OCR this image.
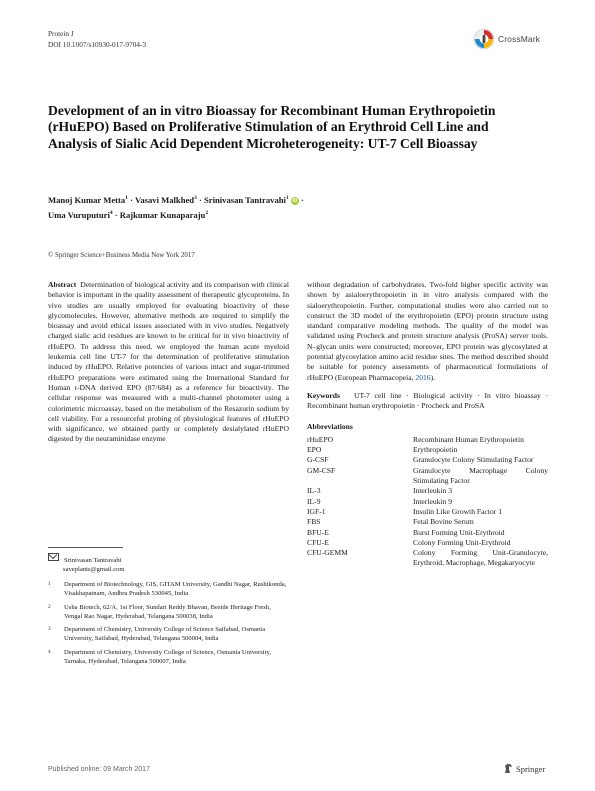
Protein J
DOI 10.1007/s10930-017-9704-3
CrossMark
Development of an in vitro Bioassay for Recombinant Human Erythropoietin (rHuEPO) Based on Proliferative Stimulation of an Erythroid Cell Line and Analysis of Sialic Acid Dependent Microheterogeneity: UT-7 Cell Bioassay
Manoj Kumar Metta$^1$ · Vasavi Malkhed$^3$ · Srinivasan Tantravahi$^1$ iD ·
Uma Vuruputuri$^4$ · Rajkumar Kunaparaju$^2$
© Springer Science+Business Media New York 2017

Abstract Determination of biological activity and its comparison with clinical behavior is important in the quality assessment of therapeutic glycoproteins. In vivo studies are usually employed for evaluating bioactivity of these glycomolecules. However, alternative methods are required to simplify the bioassay and avoid ethical issues associated with in vivo studies. Negatively charged sialic acid residues are known to be critical for in vivo bioactivity of rHuEPO. To address this need, we employed the human acute myeloid leukemia cell line UT-7 for the determination of proliferative stimulation induced by rHuEPO. Relative potencies of various intact and sugar-trimmed rHuEPO preparations were estimated using the International Standard for Human r-DNA derived EPO (87/684) as a reference for bioactivity. The cellular response was measured with a multi-channel photometer using a colorimetric microassay, based on the metabolism of the Resazurin sodium by cell viability. For a resourceful probing of physiological features of rHuEPO with significance, we obtained partly or completely desialylated rHuEPO digested by the neuraminidase enzyme

without degradation of carbohydrates. Two-fold higher specific activity was shown by asialoerythropoietin in in vitro analysis compared with the sialoerythropoietin. Further, computational studies were also carried out to construct the 3D model of the erythropoietin (EPO) protein structure using standard comparative modeling methods. The quality of the model was validated using Procheck and protein structure analysis (ProSA) server tools. N–glycan units were constructed; moreover, EPO protein was glycosylated at potential glycosylation amino acid residue sites. The method described should be suitable for potency assessments of pharmaceutical formulations of rHuEPO (European Pharmacopeia, 2016).

Keywords UT-7 cell line · Biological activity · In vitro bioassay · Recombinant human erythropoietin · Procheck and ProSA

Abbreviations
rHuEPO	Recombinant Human Erythropoietin
EPO	Erythropoietin
G-CSF	Granulocyte Colony Stimulating Factor
GM-CSF	Granulocyte Macrophage Colony Stimulating Factor
IL-3	Interleukin 3
IL-9	Interleukin 9
IGF-1	Insulin Like Growth Factor 1
FBS	Fetal Bovine Serum
BFU-E	Burst Forming Unit-Erythroid
CFU-E	Colony Forming Unit-Erythroid
CFU-GEMM	Colony Forming Unit-Granulocyte, Erythroid, Macrophage, Megakaryocyte
Srinivasan Tantravahi
saveplants@gmail.com
1	Department of Biotechnology, GIS, GITAM University, Gandhi Nagar, Rushikonda, Visakhapatnam, Andhra Pradesh 530045, India
2	Usha Biotech, 62/A, 1st Floor, Sundari Reddy Bhavan, Beside Heritage Fresh, Vengal Rao Nagar, Hyderabad, Telangana 500038, India
3	Department of Chemistry, University College of Science Saifabad, Osmania University, Saifabad, Hyderabad, Telangana 500004, India
4	Department of Chemistry, University College of Science, Osmania University, Tarnaka, Hyderabad, Telangana 500007, India
Published online: 09 March 2017	Springer
